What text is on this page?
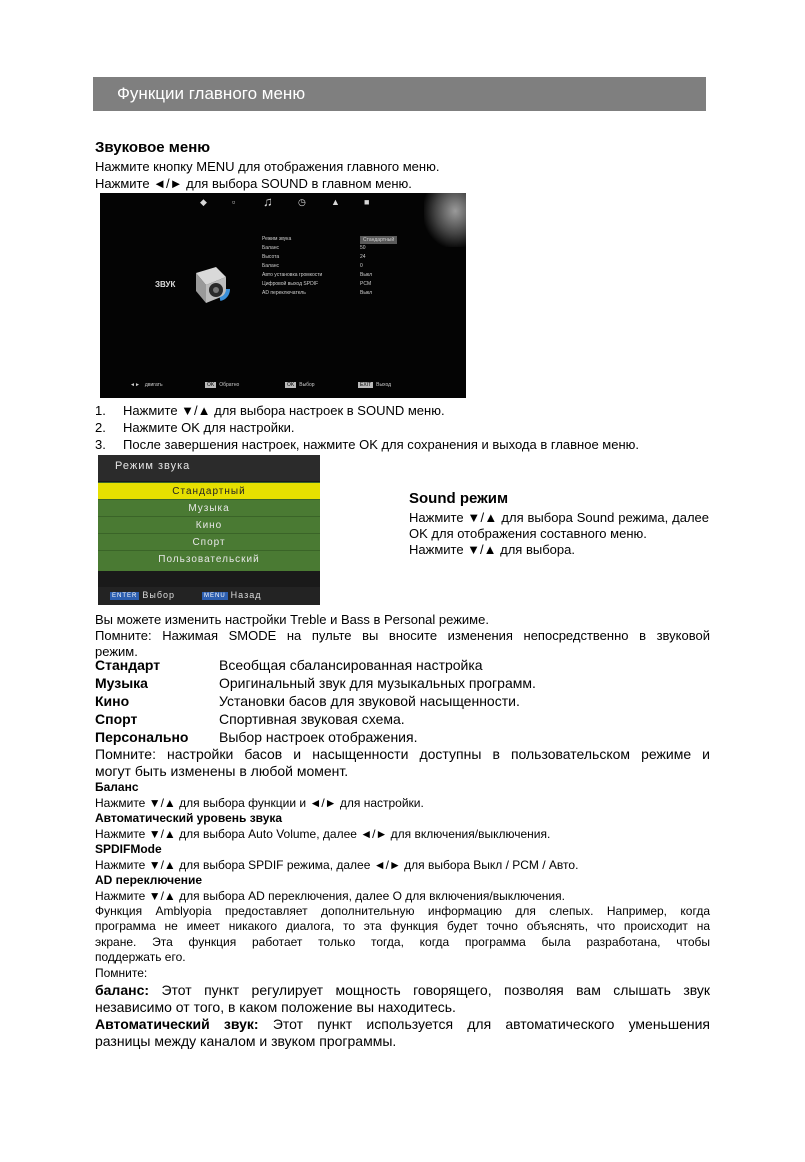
Функции главного меню
Звуковое меню
Нажмите кнопку MENU для отображения главного меню.
Нажмите ◄/► для выбора SOUND в главном меню.
◆	▫ ♫	◷	▲	■
ЗВУК
Режим звука	Стандартный
Баланс	50
Высота	24
Баланс	0
Авто установка громкости	Выкл
Цифровой выход SPDIF	PCM
AD переключатель	Выкл
◄► двигать	OK Обратно	OK Выбор	EXIT Выход
1. Нажмите ▼/▲ для выбора настроек в SOUND меню.
2. Нажмите OK для настройки.
3. После завершения настроек, нажмите OK для сохранения и выхода в главное меню.
Режим звука
Стандартный
Музыка
Кино
Спорт
Пользовательский
ENTER Выбор	MENU Назад
Sound режим
Нажмите ▼/▲ для выбора Sound режима, далее OK для отображения составного меню.
Нажмите ▼/▲ для выбора.
Вы можете изменить настройки Treble и Bass в Personal режиме.
Помните: Нажимая SMODE на пульте вы вносите изменения непосредственно в звуковой
режим.
Стандарт	Всеобщая сбалансированная настройка
Музыка	Оригинальный звук для музыкальных программ.
Кино	Установки басов для звуковой насыщенности.
Спорт	Спортивная звуковая схема.
Персонально Выбор настроек отображения.
Помните: настройки басов и насыщенности доступны в пользовательском режиме и
могут быть изменены в любой момент.
Баланс
Нажмите ▼/▲ для выбора функции и ◄/► для настройки.
Автоматический уровень звука
Нажмите ▼/▲ для выбора Auto Volume, далее ◄/► для включения/выключения.
SPDIFMode
Нажмите ▼/▲ для выбора SPDIF режима, далее ◄/► для выбора Выкл / PCM / Авто.
AD переключение
Нажмите ▼/▲ для выбора AD переключения, далее O для включения/выключения.
Функция Amblyopia предоставляет дополнительную информацию для слепых. Например, когда
программа не имеет никакого диалога, то эта функция будет точно объяснять, что происходит на
экране. Эта функция работает только тогда, когда программа была разработана, чтобы
поддержать его.
Помните:
баланс: Этот пункт регулирует мощность говорящего, позволяя вам слышать звук
независимо от того, в каком положение вы находитесь.
Автоматический звук: Этот пункт используется для автоматического уменьшения
разницы между каналом и звуком программы.
